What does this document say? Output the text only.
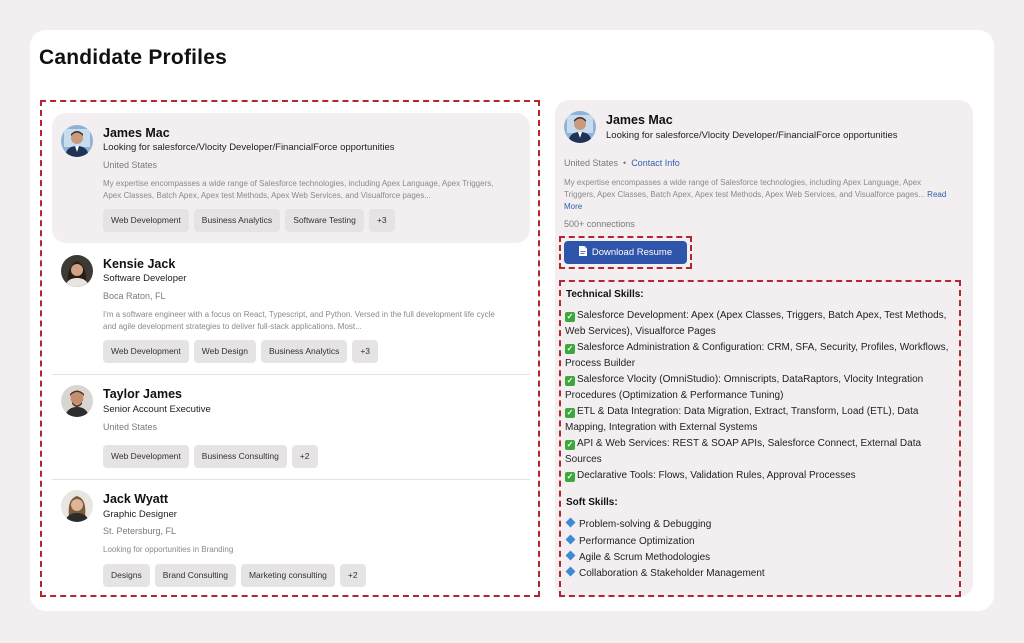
Candidate Profiles
James Mac
Looking for salesforce/Vlocity Developer/FinancialForce opportunities
United States
My expertise encompasses a wide range of Salesforce technologies, including Apex Language, Apex Triggers, Apex Classes, Batch Apex, Apex test Methods, Apex Web Services, and Visualforce pages...
Web Development	Business Analytics	Software Testing	+3
Kensie Jack
Software Developer
Boca Raton, FL
I'm a software engineer with a focus on React, Typescript, and Python. Versed in the full development life cycle and agile development strategies to deliver full-stack applications. Most...
Web Development	Web Design	Business Analytics	+3
Taylor James
Senior Account Executive
United States
Web Development	Business Consulting	+2
Jack Wyatt
Graphic Designer
St. Petersburg, FL
Looking for opportunities in Branding
Designs	Brand Consulting	Marketing consulting	+2
James Mac
Looking for salesforce/Vlocity Developer/FinancialForce opportunities
United States • Contact Info
My expertise encompasses a wide range of Salesforce technologies, including Apex Language, Apex Triggers, Apex Classes, Batch Apex, Apex test Methods, Apex Web Services, and Visualforce pages... Read More
500+ connections
Download Resume
Technical Skills:
✓ Salesforce Development: Apex (Apex Classes, Triggers, Batch Apex, Test Methods, Web Services), Visualforce Pages
✓ Salesforce Administration & Configuration: CRM, SFA, Security, Profiles, Workflows, Process Builder
✓ Salesforce Vlocity (OmniStudio): Omniscripts, DataRaptors, Vlocity Integration Procedures (Optimization & Performance Tuning)
✓ ETL & Data Integration: Data Migration, Extract, Transform, Load (ETL), Data Mapping, Integration with External Systems
✓ API & Web Services: REST & SOAP APIs, Salesforce Connect, External Data Sources
✓ Declarative Tools: Flows, Validation Rules, Approval Processes
Soft Skills:
Problem-solving & Debugging
Performance Optimization
Agile & Scrum Methodologies
Collaboration & Stakeholder Management
